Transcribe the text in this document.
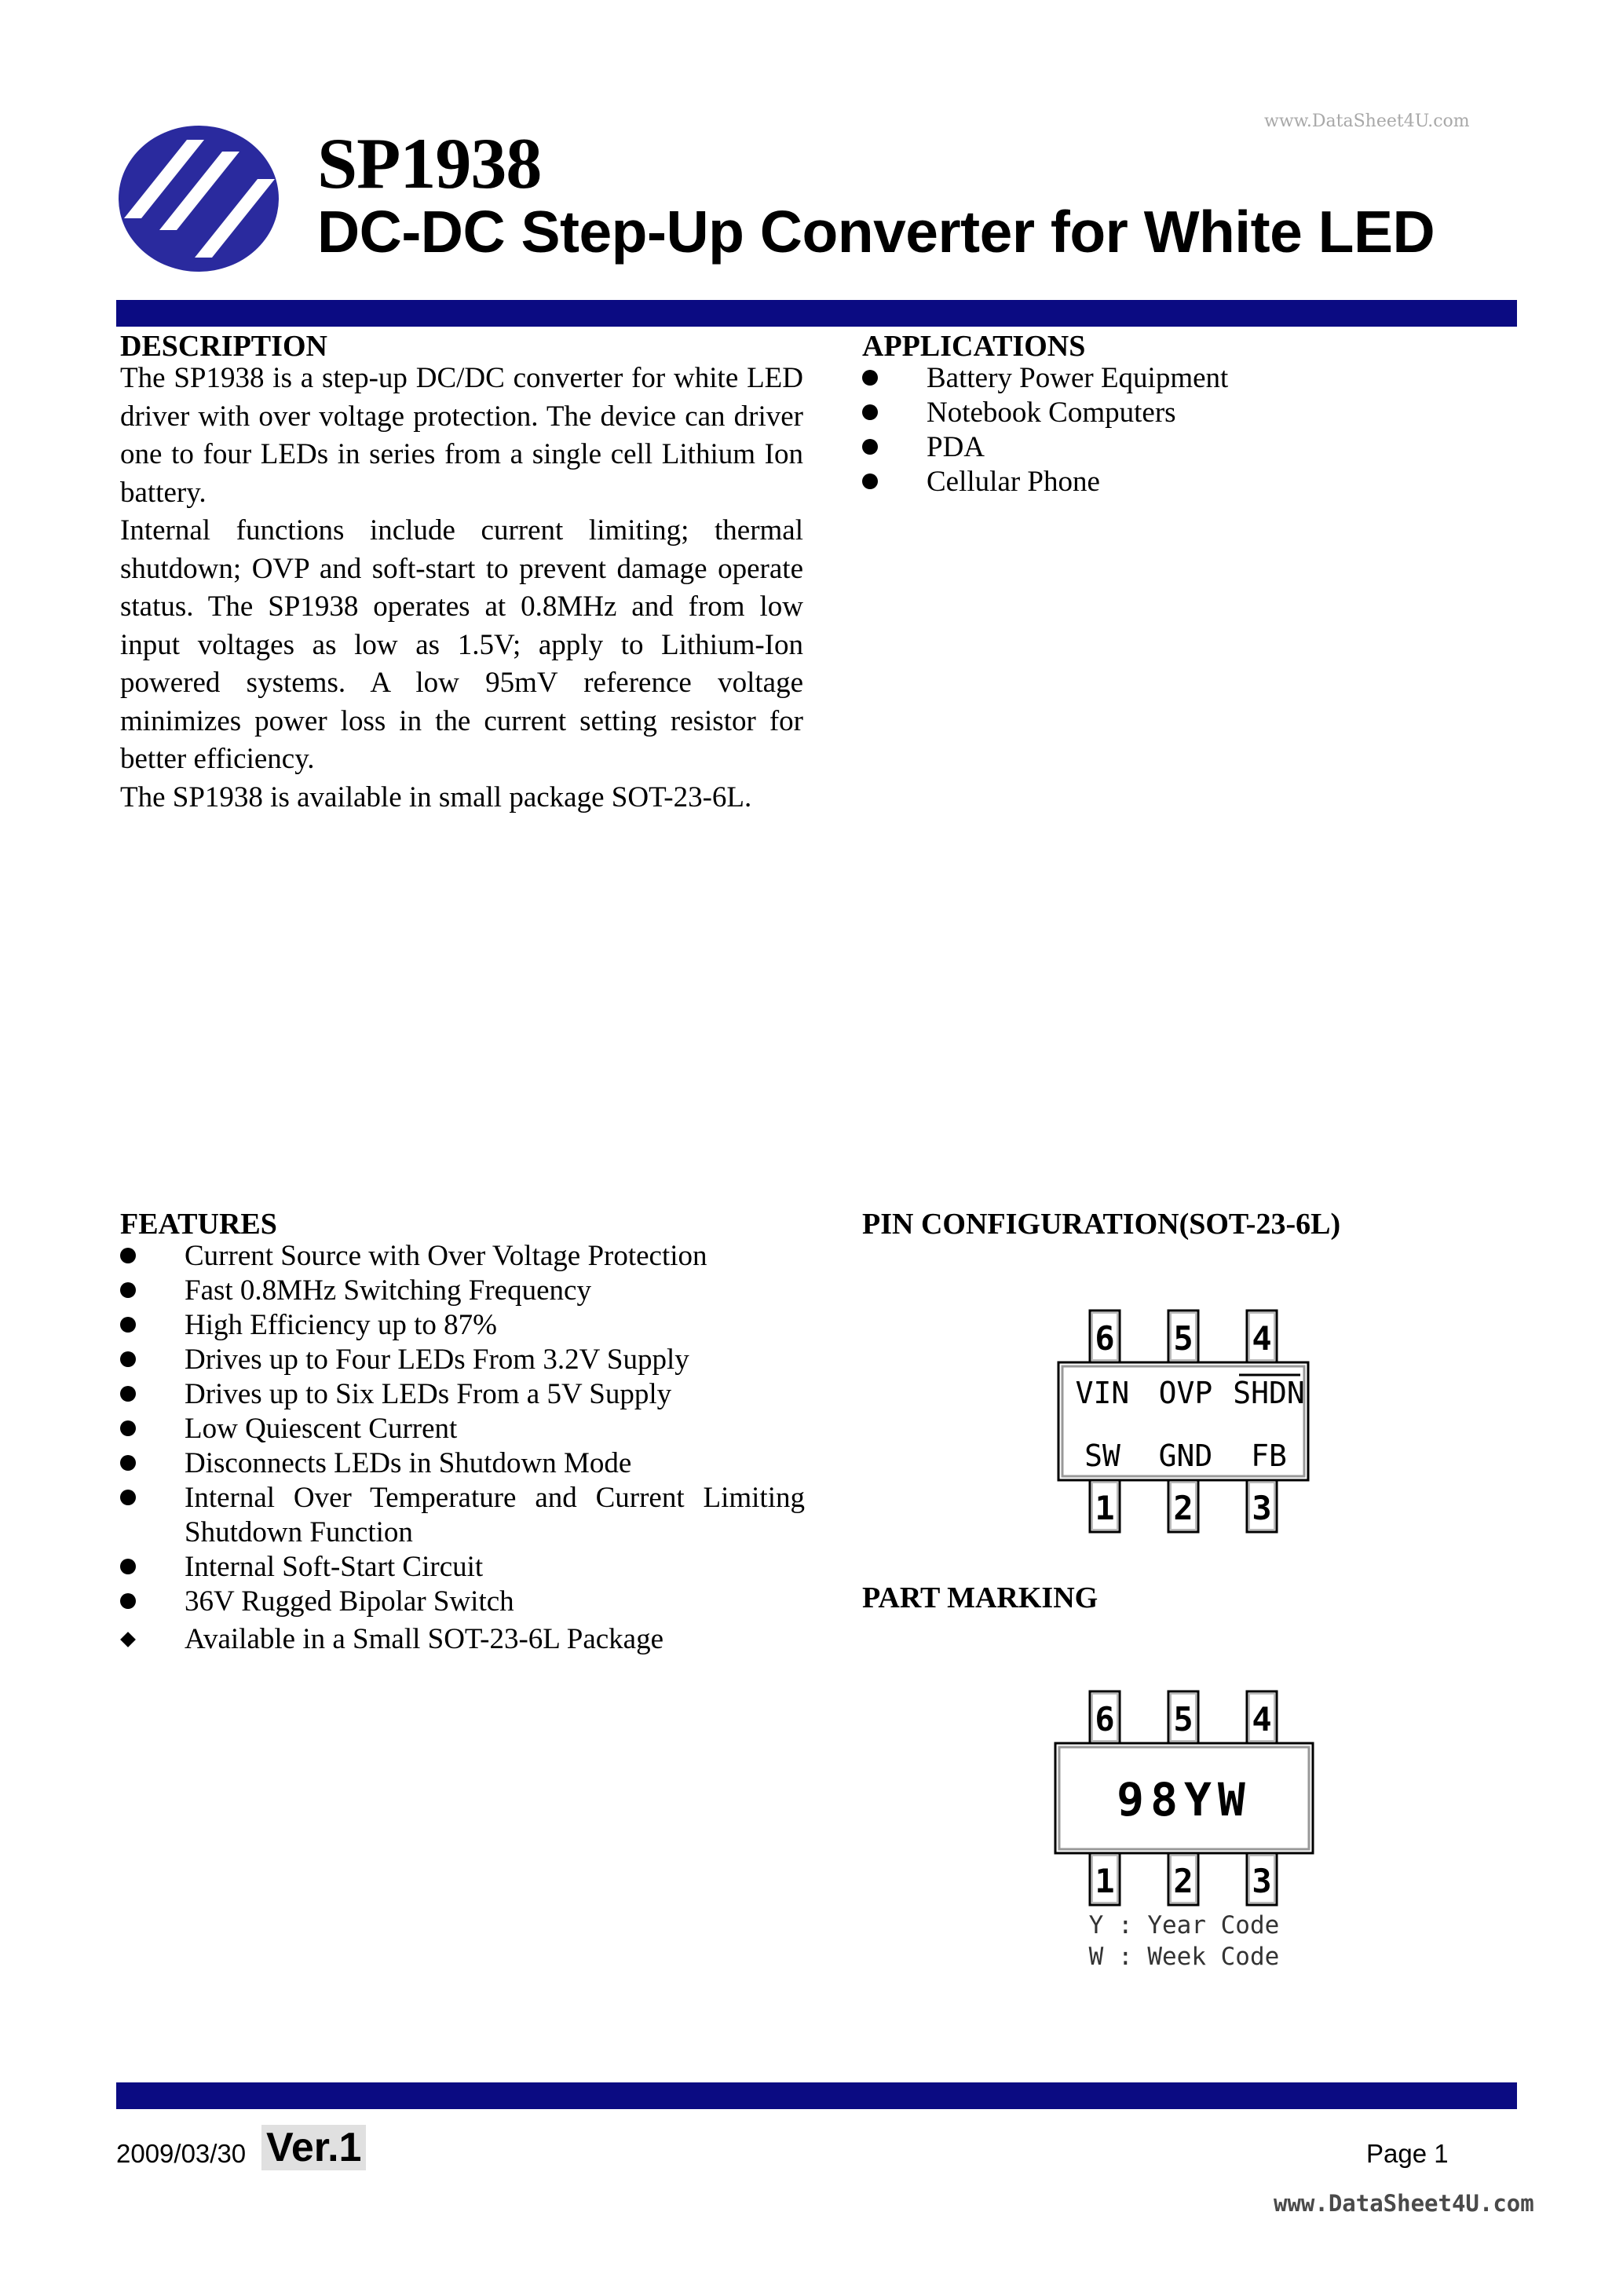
www.DataSheet4U.com
SP1938
DC-DC Step-Up Converter for White LED
DESCRIPTION

The SP1938 is a step-up DC/DC converter for white LED driver with over voltage protection. The device can driver one to four LEDs in series from a single cell Lithium Ion battery.

Internal functions include current limiting; thermal shutdown; OVP and soft-start to prevent damage operate status. The SP1938 operates at 0.8MHz and from low input voltages as low as 1.5V; apply to Lithium-Ion powered systems. A low 95mV reference voltage minimizes power loss in the current setting resistor for better efficiency.

The SP1938 is available in small package SOT-23-6L.

APPLICATIONS
Battery Power Equipment
Notebook Computers
PDA
Cellular Phone
FEATURES
Current Source with Over Voltage Protection
Fast 0.8MHz Switching Frequency
High Efficiency up to 87%
Drives up to Four LEDs From 3.2V Supply
Drives up to Six LEDs From a 5V Supply
Low Quiescent Current
Disconnects LEDs in Shutdown Mode
Internal Over Temperature and Current Limiting Shutdown Function
Internal Soft-Start Circuit
36V Rugged Bipolar Switch
Available in a Small SOT-23-6L Package
PIN CONFIGURATION(SOT-23-6L)
6 5 4
VIN OVP SHDN
SW GND FB
1 2 3
PART MARKING
6 5 4
98YW
1 2 3
Y : Year Code
W : Week Code
2009/03/30 Ver.1	Page 1
www.DataSheet4U.com
